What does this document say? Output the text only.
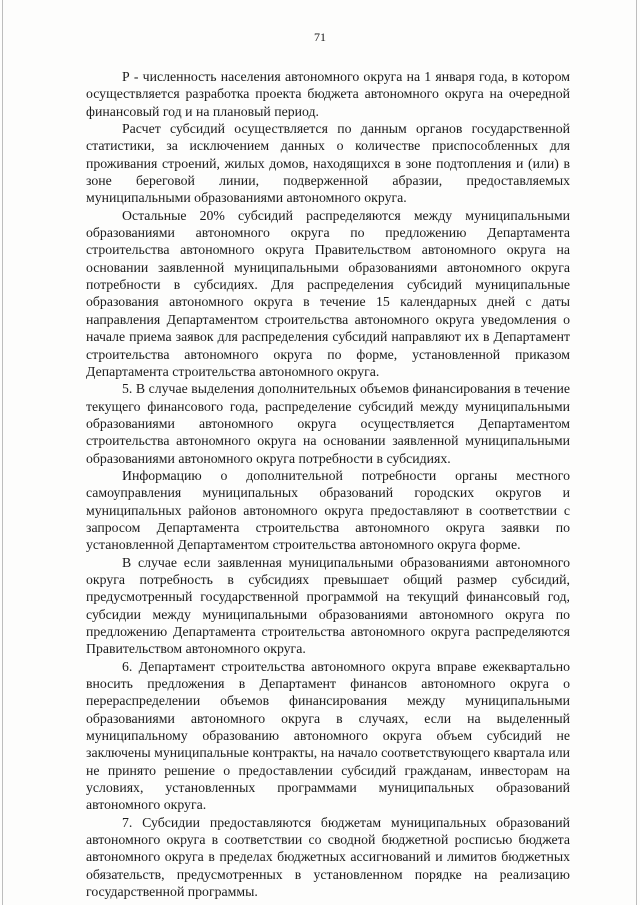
71

Р - численность населения автономного округа на 1 января года, в котором осуществляется разработка проекта бюджета автономного округа на очередной финансовый год и на плановый период.

Расчет субсидий осуществляется по данным органов государственной статистики, за исключением данных о количестве приспособленных для проживания строений, жилых домов, находящихся в зоне подтопления и (или) в зоне береговой линии, подверженной абразии, предоставляемых муниципальными образованиями автономного округа.

Остальные 20% субсидий распределяются между муниципальными образованиями автономного округа по предложению Департамента строительства автономного округа Правительством автономного округа на основании заявленной муниципальными образованиями автономного округа потребности в субсидиях. Для распределения субсидий муниципальные образования автономного округа в течение 15 календарных дней с даты направления Департаментом строительства автономного округа уведомления о начале приема заявок для распределения субсидий направляют их в Департамент строительства автономного округа по форме, установленной приказом Департамента строительства автономного округа.

5. В случае выделения дополнительных объемов финансирования в течение текущего финансового года, распределение субсидий между муниципальными образованиями автономного округа осуществляется Департаментом строительства автономного округа на основании заявленной муниципальными образованиями автономного округа потребности в субсидиях.

Информацию о дополнительной потребности органы местного самоуправления муниципальных образований городских округов и муниципальных районов автономного округа предоставляют в соответствии с запросом Департамента строительства автономного округа заявки по установленной Департаментом строительства автономного округа форме.

В случае если заявленная муниципальными образованиями автономного округа потребность в субсидиях превышает общий размер субсидий, предусмотренный государственной программой на текущий финансовый год, субсидии между муниципальными образованиями автономного округа по предложению Департамента строительства автономного округа распределяются Правительством автономного округа.

6. Департамент строительства автономного округа вправе ежеквартально вносить предложения в Департамент финансов автономного округа о перераспределении объемов финансирования между муниципальными образованиями автономного округа в случаях, если на выделенный муниципальному образованию автономного округа объем субсидий не заключены муниципальные контракты, на начало соответствующего квартала или не принято решение о предоставлении субсидий гражданам, инвесторам на условиях, установленных программами муниципальных образований автономного округа.

7. Субсидии предоставляются бюджетам муниципальных образований автономного округа в соответствии со сводной бюджетной росписью бюджета автономного округа в пределах бюджетных ассигнований и лимитов бюджетных обязательств, предусмотренных в установленном порядке на реализацию государственной программы.
